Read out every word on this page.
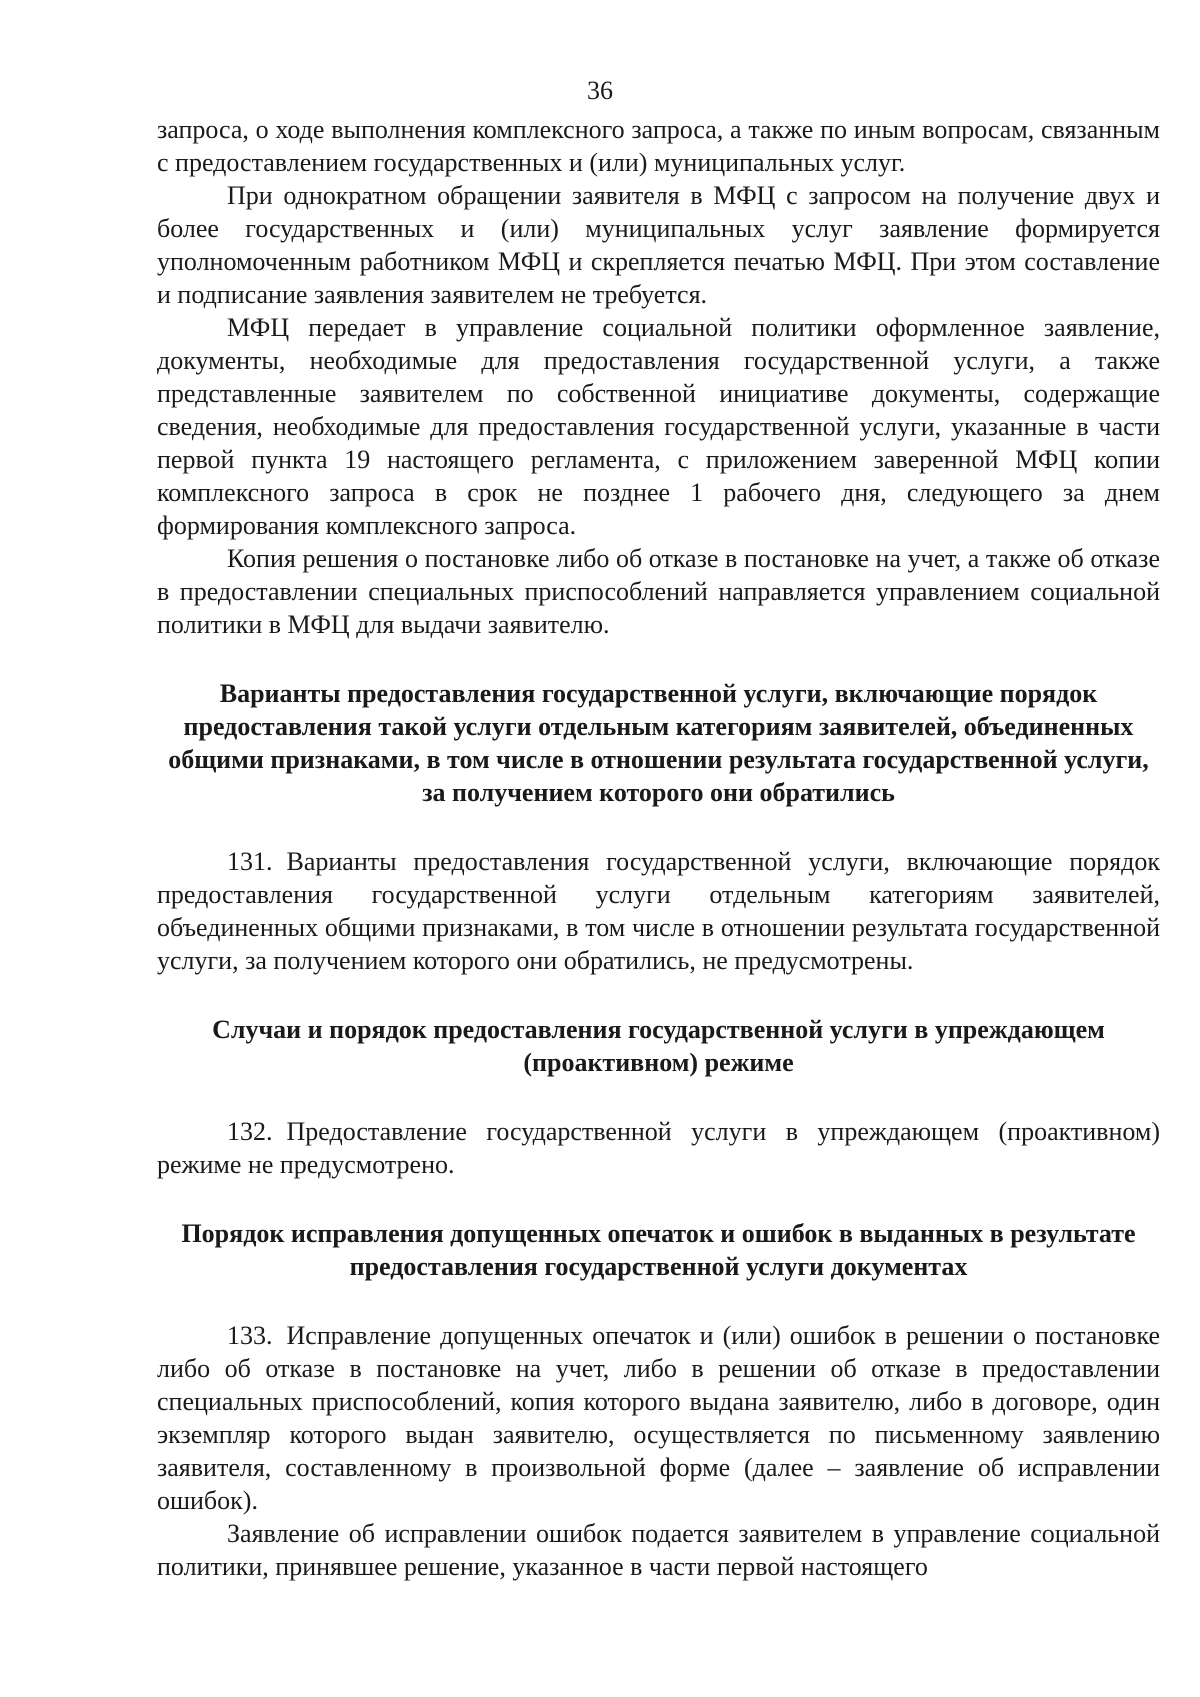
36

запроса, о ходе выполнения комплексного запроса, а также по иным вопросам, связанным с предоставлением государственных и (или) муниципальных услуг.

При однократном обращении заявителя в МФЦ с запросом на получение двух и более государственных и (или) муниципальных услуг заявление формируется уполномоченным работником МФЦ и скрепляется печатью МФЦ. При этом составление и подписание заявления заявителем не требуется.

МФЦ передает в управление социальной политики оформленное заявление, документы, необходимые для предоставления государственной услуги, а также представленные заявителем по собственной инициативе документы, содержащие сведения, необходимые для предоставления государственной услуги, указанные в части первой пункта 19 настоящего регламента, с приложением заверенной МФЦ копии комплексного запроса в срок не позднее 1 рабочего дня, следующего за днем формирования комплексного запроса.

Копия решения о постановке либо об отказе в постановке на учет, а также об отказе в предоставлении специальных приспособлений направляется управлением социальной политики в МФЦ для выдачи заявителю.

Варианты предоставления государственной услуги, включающие порядок предоставления такой услуги отдельным категориям заявителей, объединенных общими признаками, в том числе в отношении результата государственной услуги, за получением которого они обратились

131. Варианты предоставления государственной услуги, включающие порядок предоставления государственной услуги отдельным категориям заявителей, объединенных общими признаками, в том числе в отношении результата государственной услуги, за получением которого они обратились, не предусмотрены.

Случаи и порядок предоставления государственной услуги в упреждающем (проактивном) режиме

132. Предоставление государственной услуги в упреждающем (проактивном) режиме не предусмотрено.

Порядок исправления допущенных опечаток и ошибок в выданных в результате предоставления государственной услуги документах

133. Исправление допущенных опечаток и (или) ошибок в решении о постановке либо об отказе в постановке на учет, либо в решении об отказе в предоставлении специальных приспособлений, копия которого выдана заявителю, либо в договоре, один экземпляр которого выдан заявителю, осуществляется по письменному заявлению заявителя, составленному в произвольной форме (далее – заявление об исправлении ошибок).

Заявление об исправлении ошибок подается заявителем в управление социальной политики, принявшее решение, указанное в части первой настоящего
